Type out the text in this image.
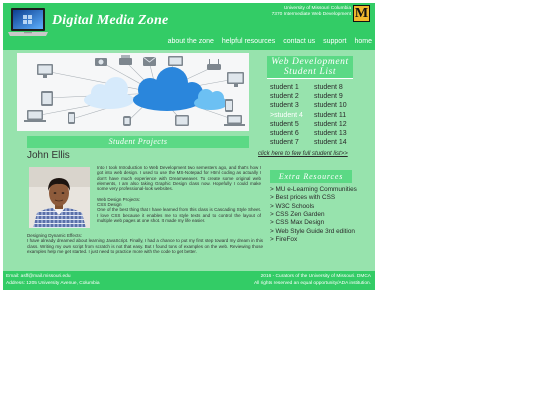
Digital Media Zone
University of Missouri Columbia
7370 Intermediate Web Development M
about the zone helpful resources contact us support home
Student Projects
John Ellis

Into I took Introduction to Web Development two semesters ago, and that's how I got into web design. I used to use the MS-Notepad for Html coding as actually I don't have much experience with Dreamweaver. To create some original web elements, I am also taking Graphic Design class now. Hopefully I could make some very professional-look websites.

Web Design Projects:
CSS Design
One of the best thing that I have learned from this class is Cascading Style Sheet. I love CSS because it enables me to style texts and to control the layout of multiple web pages at one shot. It made my life easier.
Designing Dynamic Effects:
I have already dreamed about learning JavaScript. Finally, I had a chance to put my first step toward my dream in this class. Writing my own script from scratch is not that easy. But I found tons of examples on the web. Reviewing those examples help me get started. I just need to practice more with the code to get better.
Web Development
Student List
student 1
student 2
student 3
>student 4
student 5
student 6
student 7
student 8
student 9
student 10
student 11
student 12
student 13
student 14
click here to few full student list>>
Extra Resources
> MU e-Learning Communities
> Best prices with CSS
> W3C Schools
> CSS Zen Garden
> CSS Max Design
> Web Style Guide 3rd edition
> FireFox
Email: asff@mail.missouri.edu
Address: 1205 University Avenue, Columbia
2016 - Curators of the University of Missouri. DMCA
All rights reserved an equal opportunity/ADA institution.
